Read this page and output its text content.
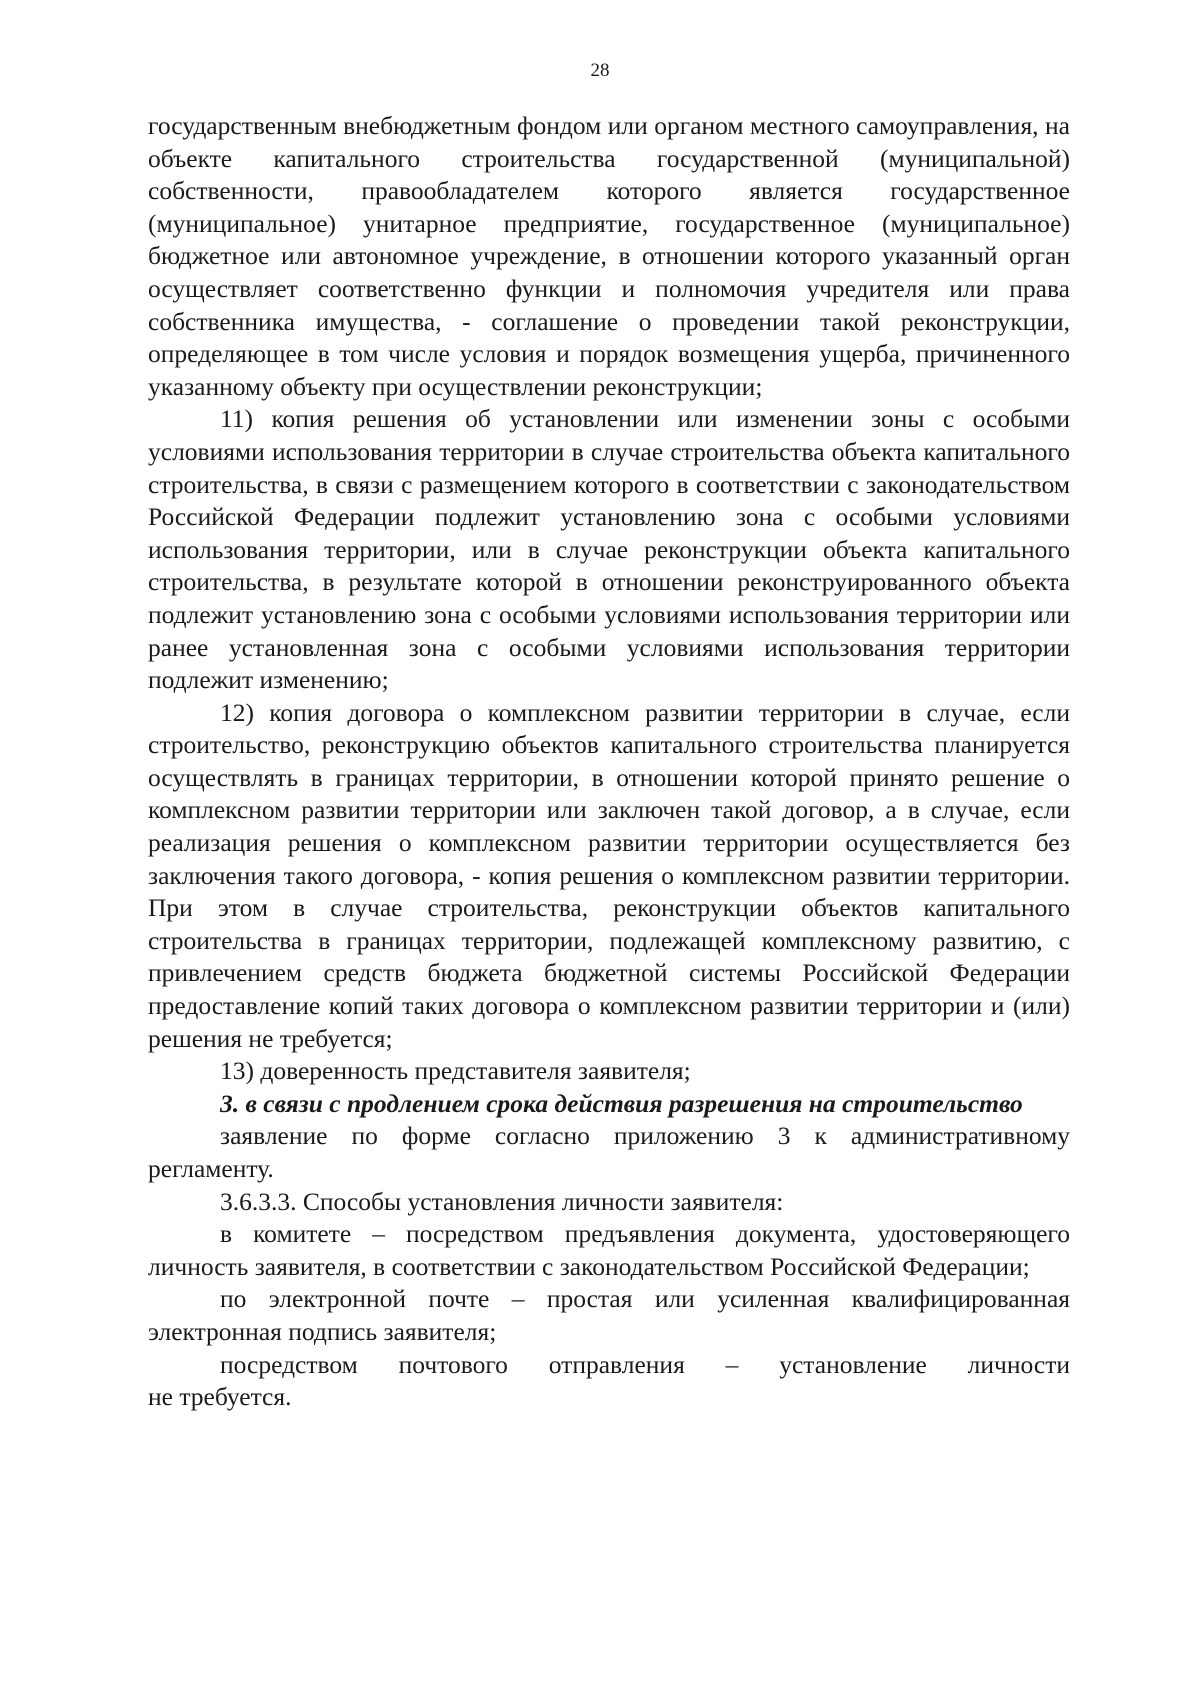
28

государственным внебюджетным фондом или органом местного самоуправления, на объекте капитального строительства государственной (муниципальной) собственности, правообладателем которого является государственное (муниципальное) унитарное предприятие, государственное (муниципальное) бюджетное или автономное учреждение, в отношении которого указанный орган осуществляет соответственно функции и полномочия учредителя или права собственника имущества, - соглашение о проведении такой реконструкции, определяющее в том числе условия и порядок возмещения ущерба, причиненного указанному объекту при осуществлении реконструкции;

11) копия решения об установлении или изменении зоны с особыми условиями использования территории в случае строительства объекта капитального строительства, в связи с размещением которого в соответствии с законодательством Российской Федерации подлежит установлению зона с особыми условиями использования территории, или в случае реконструкции объекта капитального строительства, в результате которой в отношении реконструированного объекта подлежит установлению зона с особыми условиями использования территории или ранее установленная зона с особыми условиями использования территории подлежит изменению;

12) копия договора о комплексном развитии территории в случае, если строительство, реконструкцию объектов капитального строительства планируется осуществлять в границах территории, в отношении которой принято решение о комплексном развитии территории или заключен такой договор, а в случае, если реализация решения о комплексном развитии территории осуществляется без заключения такого договора, - копия решения о комплексном развитии территории. При этом в случае строительства, реконструкции объектов капитального строительства в границах территории, подлежащей комплексному развитию, с привлечением средств бюджета бюджетной системы Российской Федерации предоставление копий таких договора о комплексном развитии территории и (или) решения не требуется;

13) доверенность представителя заявителя;

3. в связи с продлением срока действия разрешения на строительство

заявление по форме согласно приложению 3 к административному регламенту.

3.6.3.3. Способы установления личности заявителя:

в комитете – посредством предъявления документа, удостоверяющего личность заявителя, в соответствии с законодательством Российской Федерации;

по электронной почте – простая или усиленная квалифицированная электронная подпись заявителя;

посредством почтового отправления – установление личности

не требуется.
